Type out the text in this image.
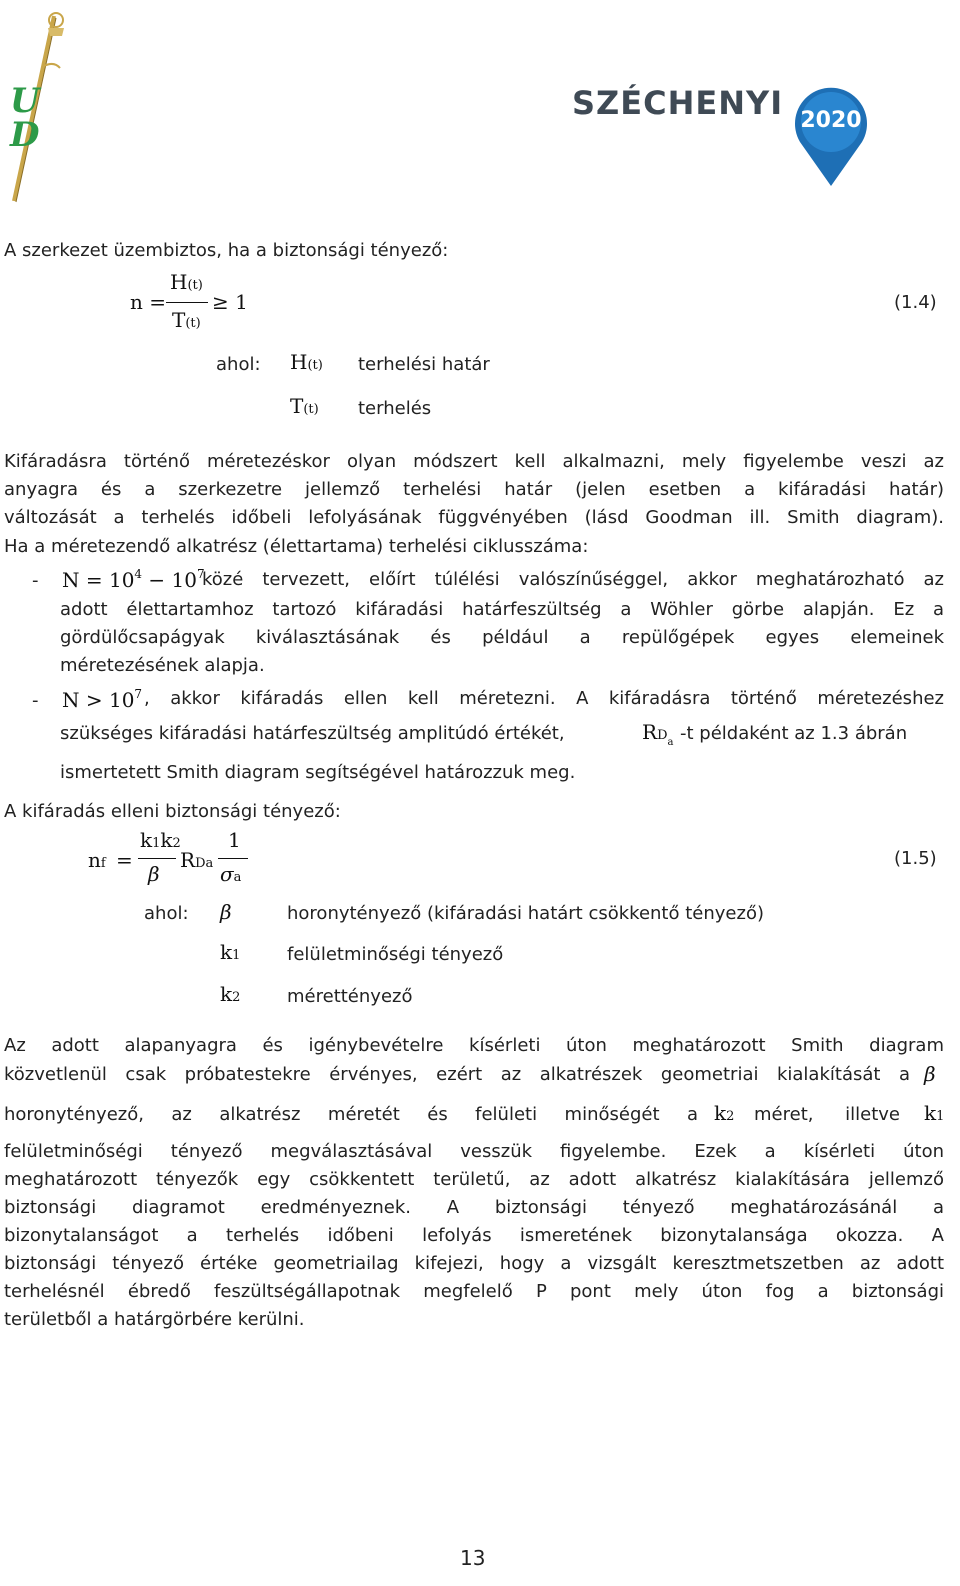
UD
SZÉCHENYI 2020
A szerkezet üzembiztos, ha a biztonsági tényező:
n =
H(t)
T(t)
≥ 1	(1.4)
ahol: H(t) terhelési határ
T(t) terhelés
Kifáradásra történő méretezéskor olyan módszert kell alkalmazni, mely figyelembe veszi az
anyagra és a szerkezetre jellemző terhelési határ (jelen esetben a kifáradási határ)
változását a terhelés időbeli lefolyásának függvényében (lásd Goodman ill. Smith diagram).
Ha a méretezendő alkatrész (élettartama) terhelési ciklusszáma:
- $N = 10^4 - 10^7$
közé tervezett, előírt túlélési valószínűséggel, akkor meghatározható az
adott élettartamhoz tartozó kifáradási határfeszültség a Wöhler görbe alapján. Ez a
gördülőcsapágyak kiválasztásának és például a repülőgépek egyes elemeinek
méretezésének alapja.
- $N > 10^7$ , akkor kifáradás ellen kell méretezni. A kifáradásra történő méretezéshez
szükséges kifáradási határfeszültség amplitúdó értékét,	$RD_a$ -t példaként az 1.3 ábrán
ismertetett Smith diagram segítségével határozzuk meg.
A kifáradás elleni biztonsági tényező:
nf =
k1k2
β
RDa
1
σa
(1.5)
ahol: β	horonytényező (kifáradási határt csökkentő tényező)
k1	felületminőségi tényező
k2	mérettényező
Az adott alapanyagra és igénybevételre kísérleti úton meghatározott Smith diagram
közvetlenül csak próbatestekre érvényes, ezért az alkatrészek geometriai kialakítását a β
horonytényező, az alkatrész méretét és felületi minőségét a k2 méret, illetve k1
felületminőségi tényező megválasztásával vesszük figyelembe. Ezek a kísérleti úton
meghatározott tényezők egy csökkentett területű, az adott alkatrész kialakítására jellemző
biztonsági diagramot eredményeznek. A biztonsági tényező meghatározásánál a
bizonytalanságot a terhelés időbeni lefolyás ismeretének bizonytalansága okozza. A
biztonsági tényező értéke geometriailag kifejezi, hogy a vizsgált keresztmetszetben az adott
terhelésnél ébredő feszültségállapotnak megfelelő P pont mely úton fog a biztonsági
területből a határgörbére kerülni.
13
